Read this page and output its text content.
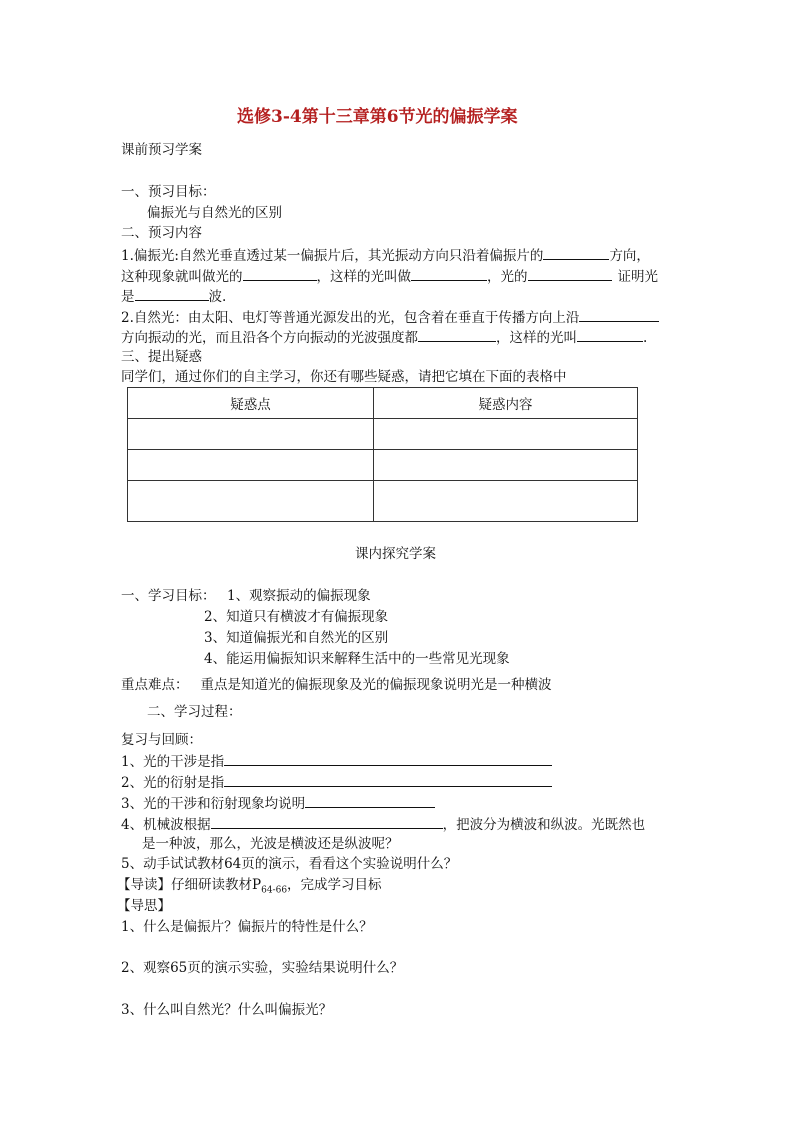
选修3-4第十三章第6节光的偏振学案
课前预习学案
一、预习目标：
偏振光与自然光的区别
二、预习内容
1.偏振光:自然光垂直透过某一偏振片后，其光振动方向只沿着偏振片的	方向，
这种现象就叫做光的	，这样的光叫做	，光的	证明光
是	波.
2.自然光：由太阳、电灯等普通光源发出的光，包含着在垂直于传播方向上沿
方向振动的光，而且沿各个方向振动的光波强度都	，这样的光叫	.
三、提出疑惑
同学们，通过你们的自主学习，你还有哪些疑惑，请把它填在下面的表格中
疑惑点	疑惑内容

课内探究学案
一、学习目标： 1、观察振动的偏振现象
2、知道只有横波才有偏振现象
3、知道偏振光和自然光的区别
4、能运用偏振知识来解释生活中的一些常见光现象
重点难点： 重点是知道光的偏振现象及光的偏振现象说明光是一种横波
二、学习过程：
复习与回顾：
1、光的干涉是指
2、光的衍射是指
3、光的干涉和衍射现象均说明
4、机械波根据	，把波分为横波和纵波。光既然也
是一种波，那么，光波是横波还是纵波呢？
5、动手试试教材64页的演示，看看这个实验说明什么？
【导读】仔细研读教材$P_{64-66}$，完成学习目标
【导思】
1、什么是偏振片？偏振片的特性是什么？
2、观察65页的演示实验，实验结果说明什么？
3、什么叫自然光？什么叫偏振光？
